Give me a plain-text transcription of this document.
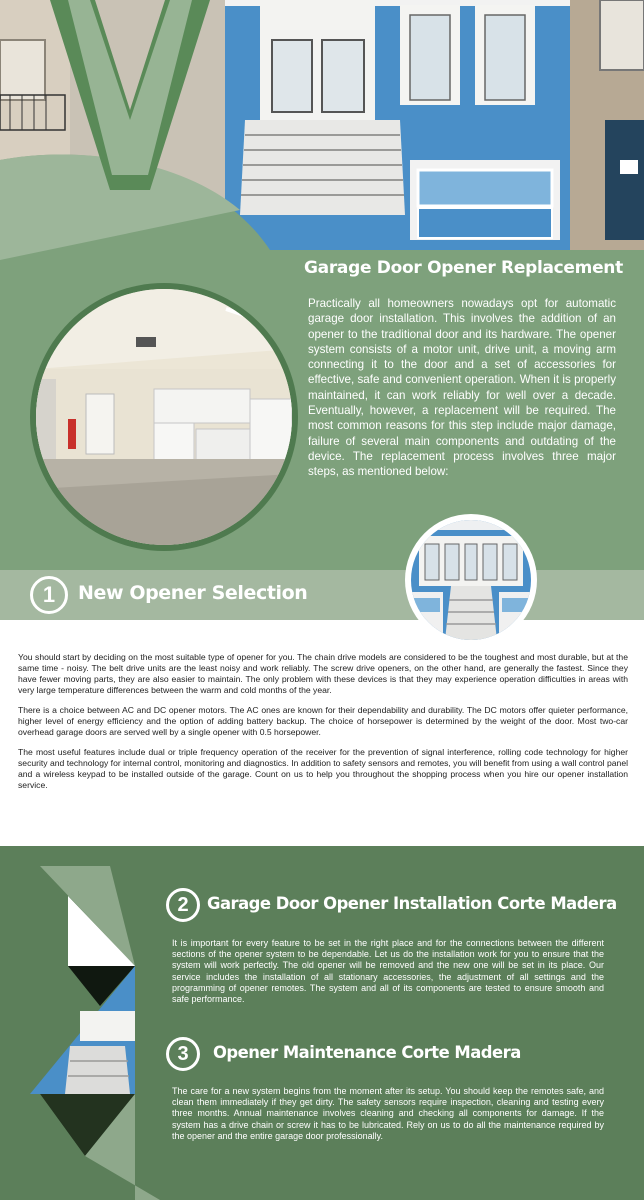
Garage Door Opener Replacement
Practically all homeowners nowadays opt for automatic garage door installation. This involves the addition of an opener to the traditional door and its hardware. The opener system consists of a motor unit, drive unit, a moving arm connecting it to the door and a set of accessories for effective, safe and convenient operation. When it is properly maintained, it can work reliably for well over a decade. Eventually, however, a replacement will be required. The most common reasons for this step include major damage, failure of several main components and outdating of the device. The replacement process involves three major steps, as mentioned below:
1	New Opener Selection

You should start by deciding on the most suitable type of opener for you. The chain drive models are considered to be the toughest and most durable, but at the same time - noisy. The belt drive units are the least noisy and work reliably. The screw drive openers, on the other hand, are generally the fastest. Since they have fewer moving parts, they are also easier to maintain. The only problem with these devices is that they may experience operation difficulties in areas with very large temperature differences between the warm and cold months of the year.

There is a choice between AC and DC opener motors. The AC ones are known for their dependability and durability. The DC motors offer quieter performance, higher level of energy efficiency and the option of adding battery backup. The choice of horsepower is determined by the weight of the door. Most two-car overhead garage doors are served well by a single opener with 0.5 horsepower.

The most useful features include dual or triple frequency operation of the receiver for the prevention of signal interference, rolling code technology for higher security and technology for internal control, monitoring and diagnostics. In addition to safety sensors and remotes, you will benefit from using a wall control panel and a wireless keypad to be installed outside of the garage. Count on us to help you throughout the shopping process when you hire our opener installation service.

2	Garage Door Opener Installation Corte Madera
It is important for every feature to be set in the right place and for the connections between the different sections of the opener system to be dependable. Let us do the installation work for you to ensure that the system will work perfectly. The old opener will be removed and the new one will be set in its place. Our service includes the installation of all stationary accessories, the adjustment of all settings and the programming of opener remotes. The system and all of its components are tested to ensure smooth and safe performance.
3	Opener Maintenance Corte Madera
The care for a new system begins from the moment after its setup. You should keep the remotes safe, and clean them immediately if they get dirty. The safety sensors require inspection, cleaning and testing every three months. Annual maintenance involves cleaning and checking all components for damage. If the system has a drive chain or screw it has to be lubricated. Rely on us to do all the maintenance required by the opener and the entire garage door professionally.
